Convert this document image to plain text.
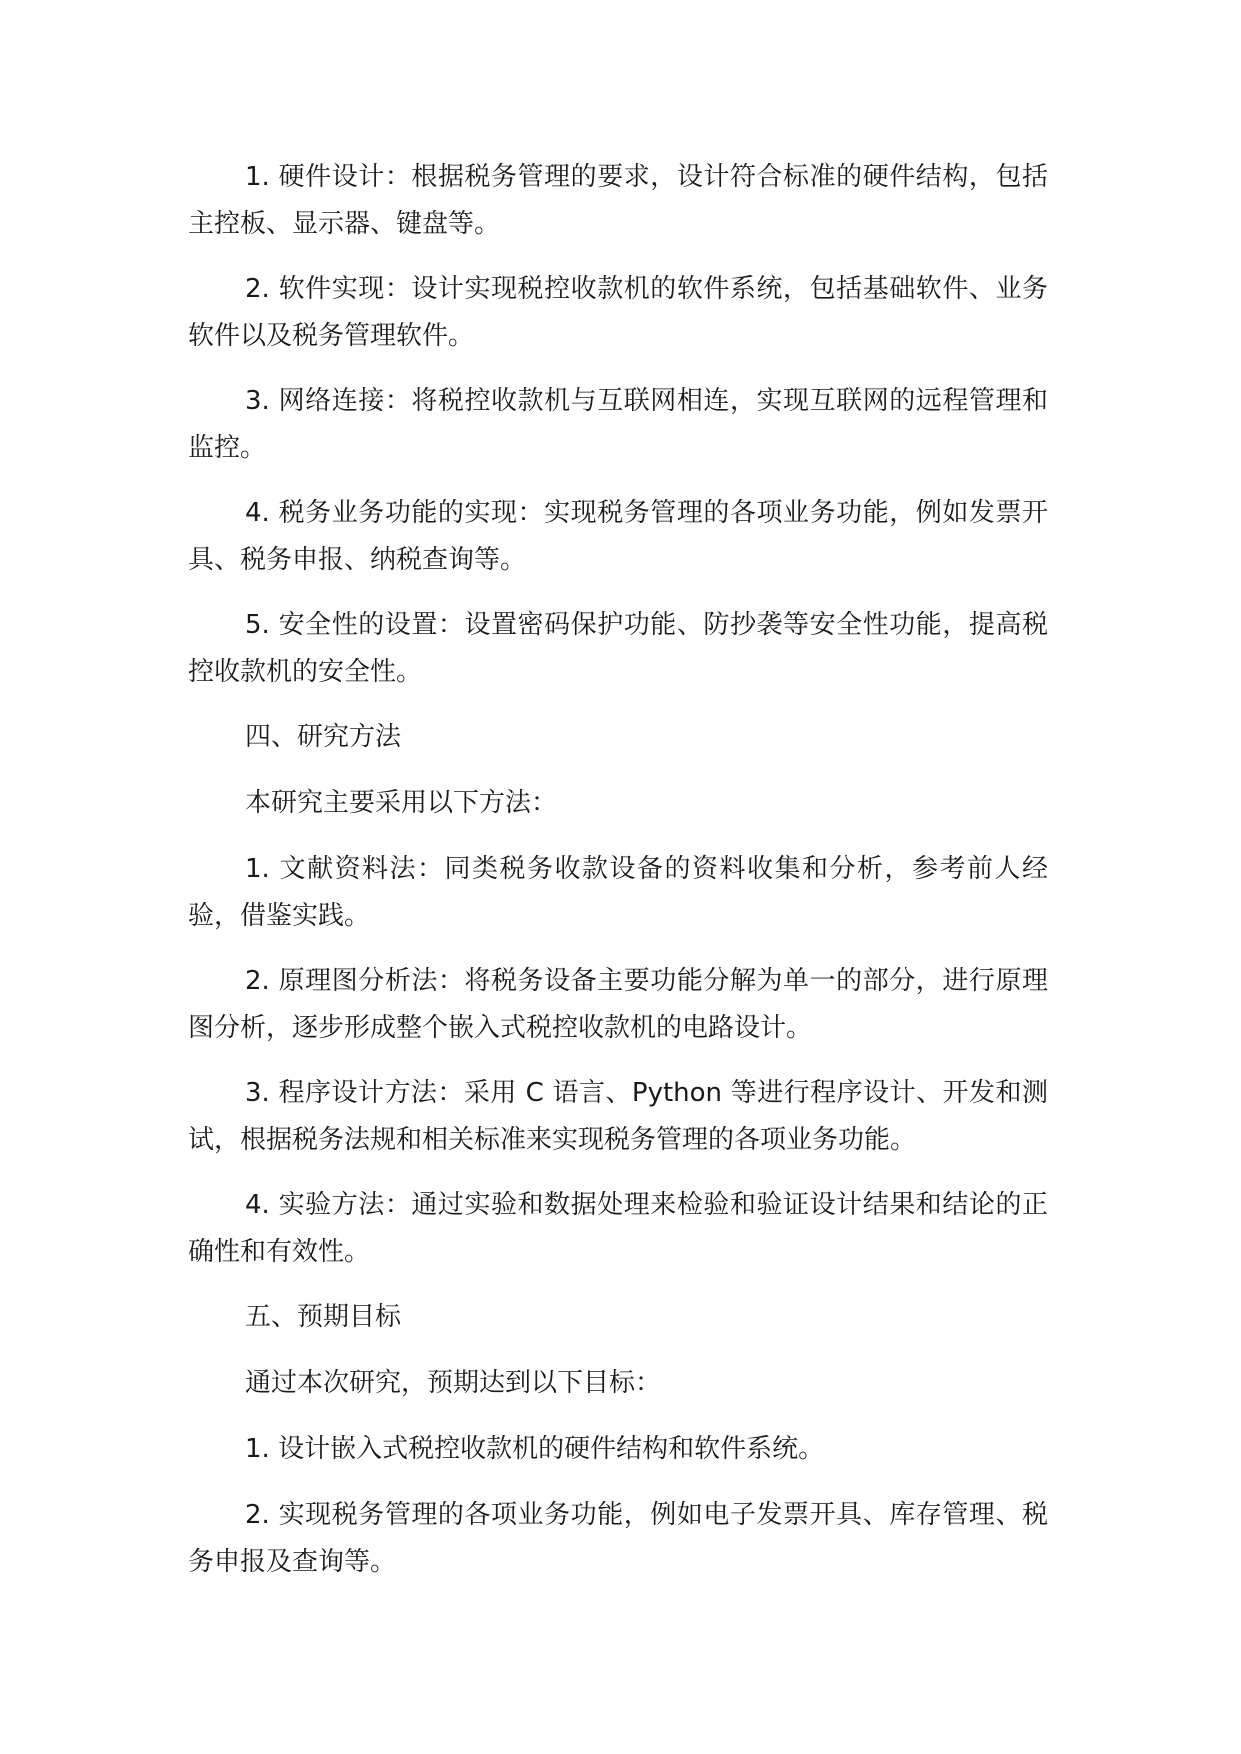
1. 硬件设计：根据税务管理的要求，设计符合标准的硬件结构，包括主控板、显示器、键盘等。

2. 软件实现：设计实现税控收款机的软件系统，包括基础软件、业务软件以及税务管理软件。

3. 网络连接：将税控收款机与互联网相连，实现互联网的远程管理和监控。

4. 税务业务功能的实现：实现税务管理的各项业务功能，例如发票开具、税务申报、纳税查询等。

5. 安全性的设置：设置密码保护功能、防抄袭等安全性功能，提高税控收款机的安全性。

四、研究方法

本研究主要采用以下方法：

1. 文献资料法：同类税务收款设备的资料收集和分析，参考前人经验，借鉴实践。

2. 原理图分析法：将税务设备主要功能分解为单一的部分，进行原理图分析，逐步形成整个嵌入式税控收款机的电路设计。

3. 程序设计方法：采用 C 语言、Python 等进行程序设计、开发和测试，根据税务法规和相关标准来实现税务管理的各项业务功能。

4. 实验方法：通过实验和数据处理来检验和验证设计结果和结论的正确性和有效性。

五、预期目标

通过本次研究，预期达到以下目标：

1. 设计嵌入式税控收款机的硬件结构和软件系统。

2. 实现税务管理的各项业务功能，例如电子发票开具、库存管理、税务申报及查询等。
